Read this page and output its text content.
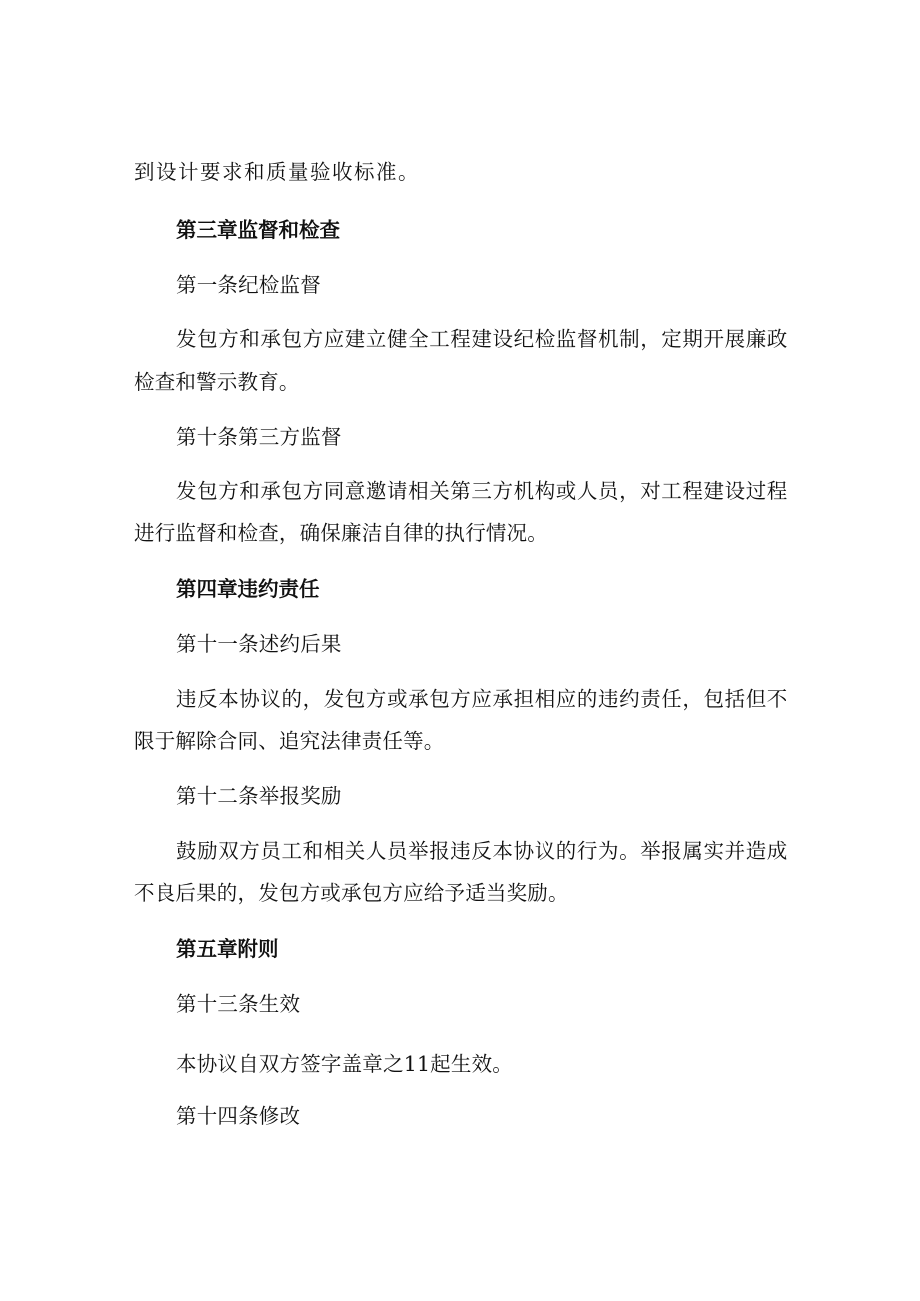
到设计要求和质量验收标准。

第三章监督和检查

第一条纪检监督

发包方和承包方应建立健全工程建设纪检监督机制，定期开展廉政

检查和警示教育。

第十条第三方监督

发包方和承包方同意邀请相关第三方机构或人员，对工程建设过程

进行监督和检查，确保廉洁自律的执行情况。

第四章违约责任

第十一条述约后果

违反本协议的，发包方或承包方应承担相应的违约责任，包括但不

限于解除合同、追究法律责任等。

第十二条举报奖励

鼓励双方员工和相关人员举报违反本协议的行为。举报属实并造成

不良后果的，发包方或承包方应给予适当奖励。

第五章附则

第十三条生效

本协议自双方签字盖章之11起生效。

第十四条修改
